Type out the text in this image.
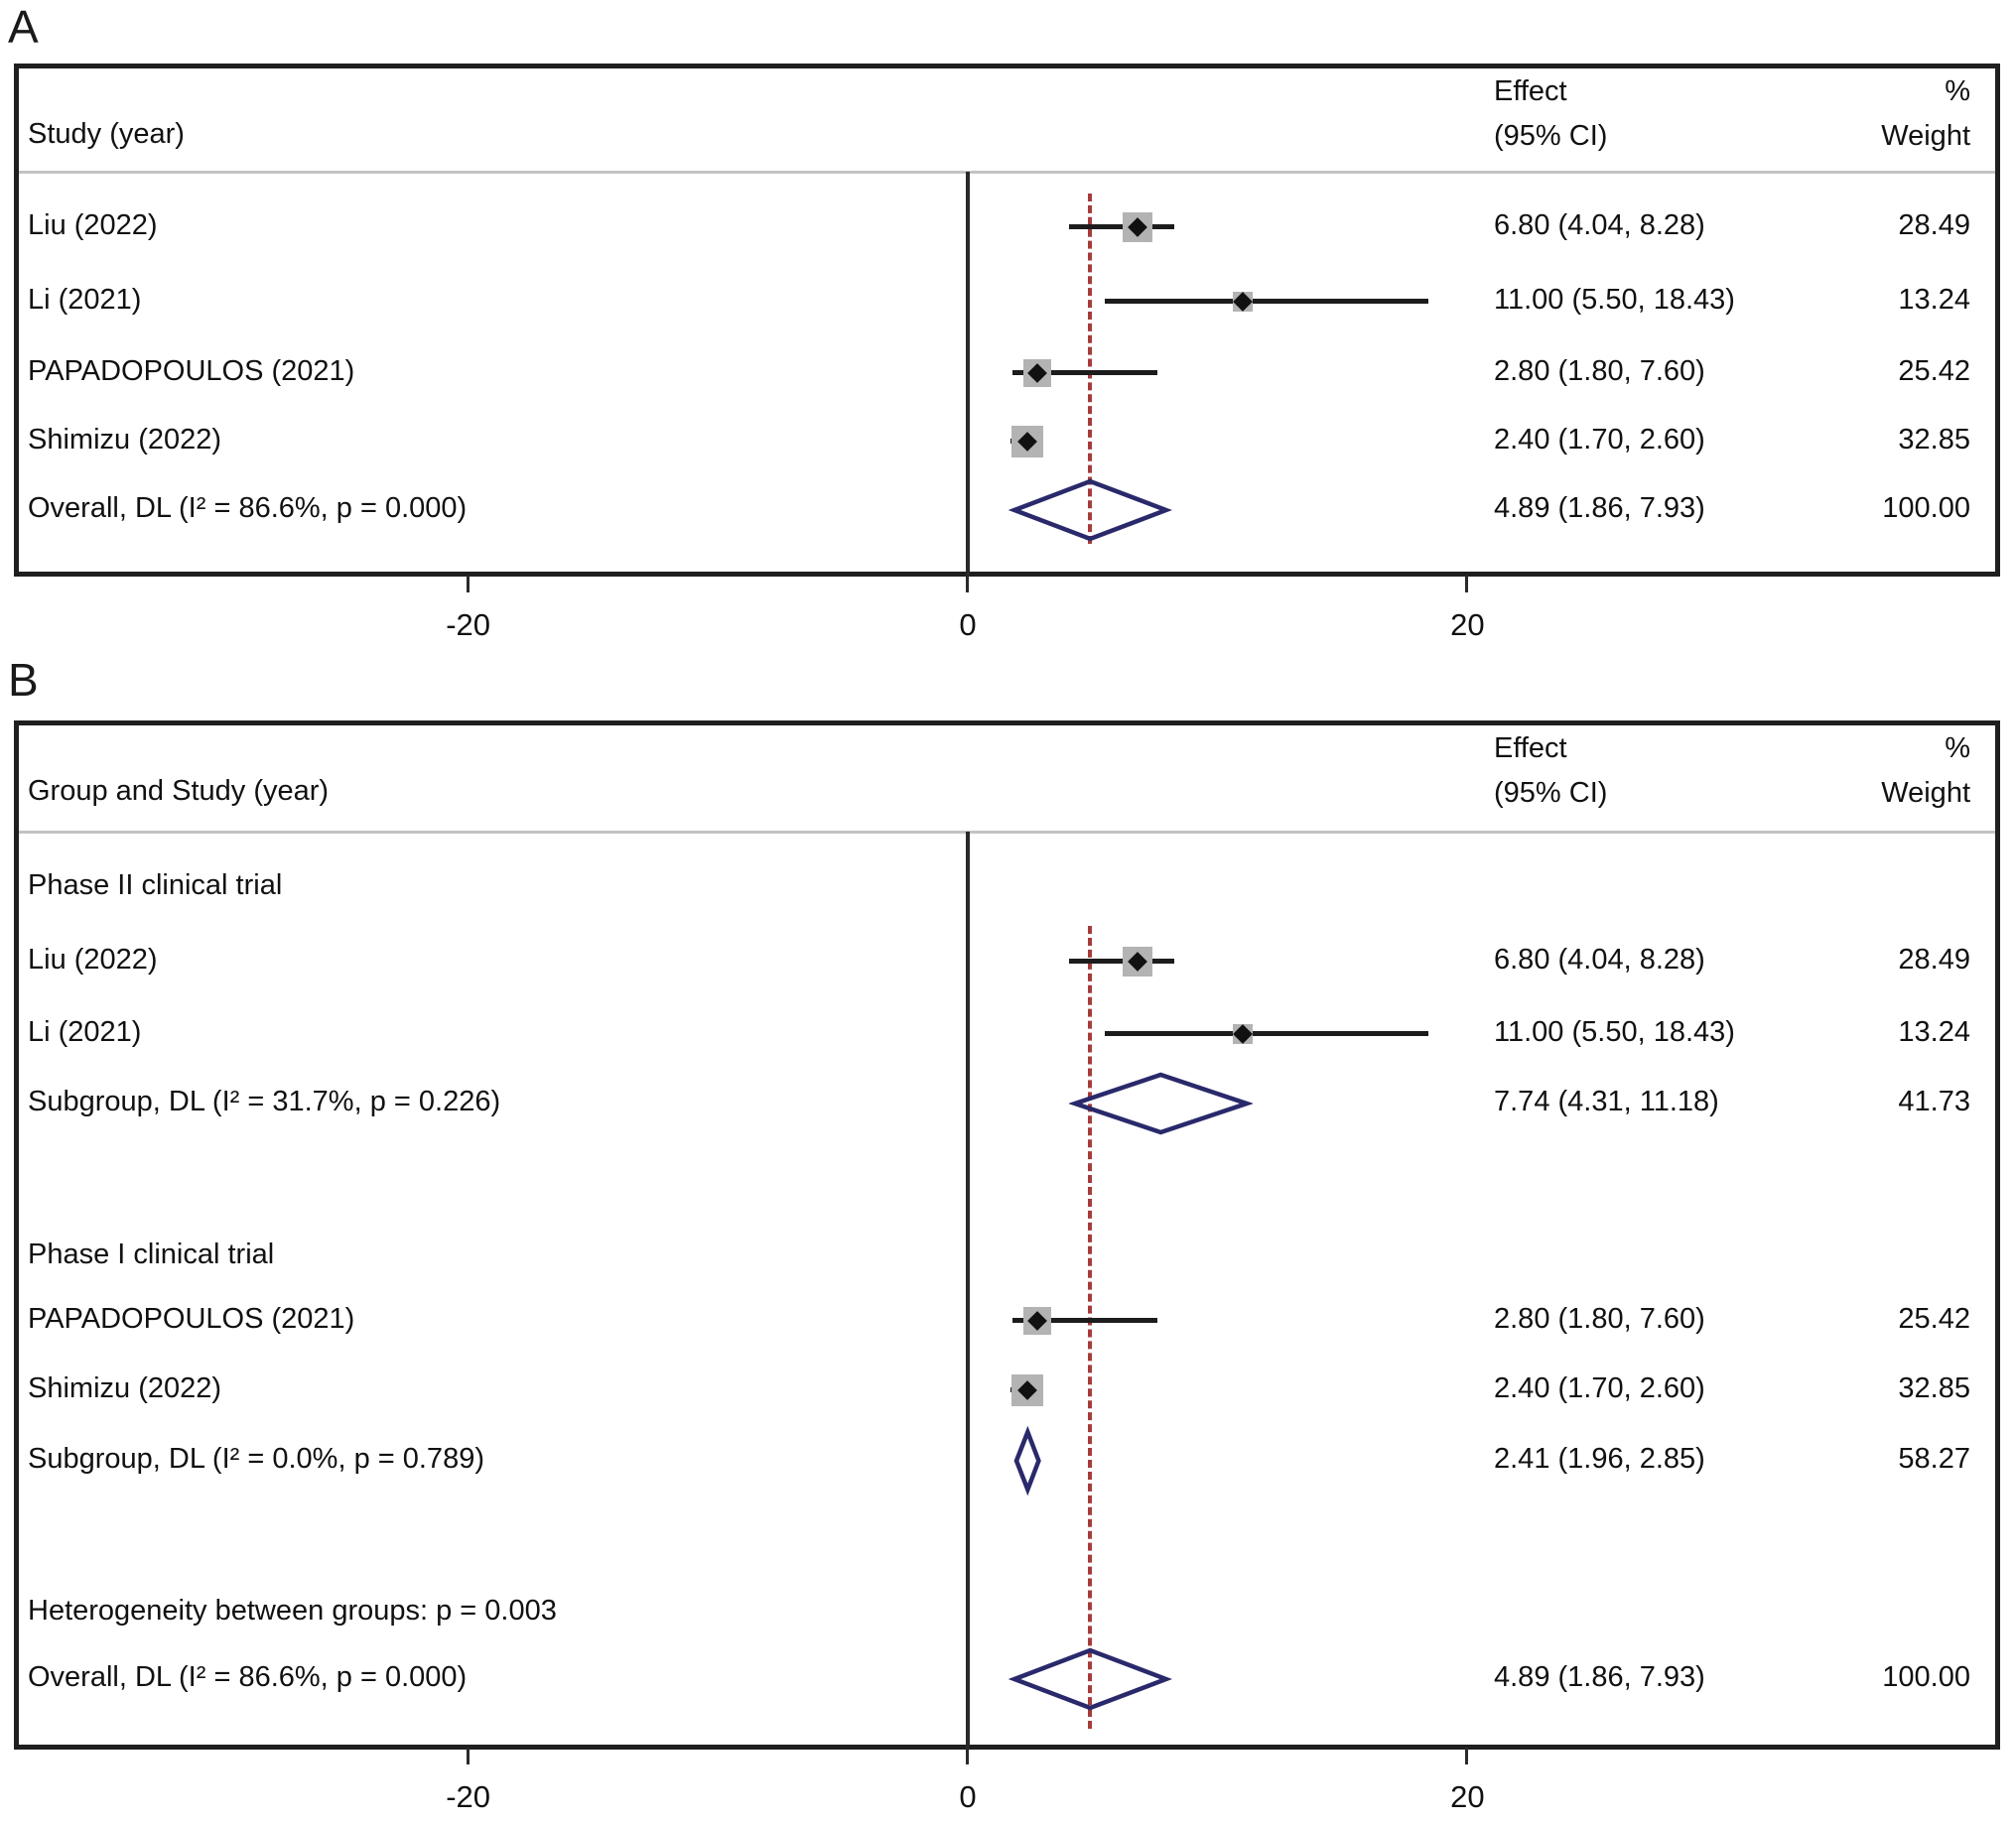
A
Study (year)
Effect
(95% CI)
%
Weight
Liu (2022)	6.80 (4.04, 8.28)	28.49
Li (2021)	11.00 (5.50, 18.43)	13.24
PAPADOPOULOS (2021)	2.80 (1.80, 7.60)	25.42
Shimizu (2022)	2.40 (1.70, 2.60)	32.85
Overall, DL (I² = 86.6%, p = 0.000)	4.89 (1.86, 7.93)	100.00
-20	0	20
B
Group and Study (year)
Effect
(95% CI)
%
Weight
Phase II clinical trial
Liu (2022)	6.80 (4.04, 8.28)	28.49
Li (2021)	11.00 (5.50, 18.43)	13.24
Subgroup, DL (I² = 31.7%, p = 0.226)	7.74 (4.31, 11.18)	41.73
Phase I clinical trial
PAPADOPOULOS (2021)	2.80 (1.80, 7.60)	25.42
Shimizu (2022)	2.40 (1.70, 2.60)	32.85
Subgroup, DL (I² = 0.0%, p = 0.789)	2.41 (1.96, 2.85)	58.27
Heterogeneity between groups: p = 0.003
Overall, DL (I² = 86.6%, p = 0.000)	4.89 (1.86, 7.93)	100.00
-20	0	20
